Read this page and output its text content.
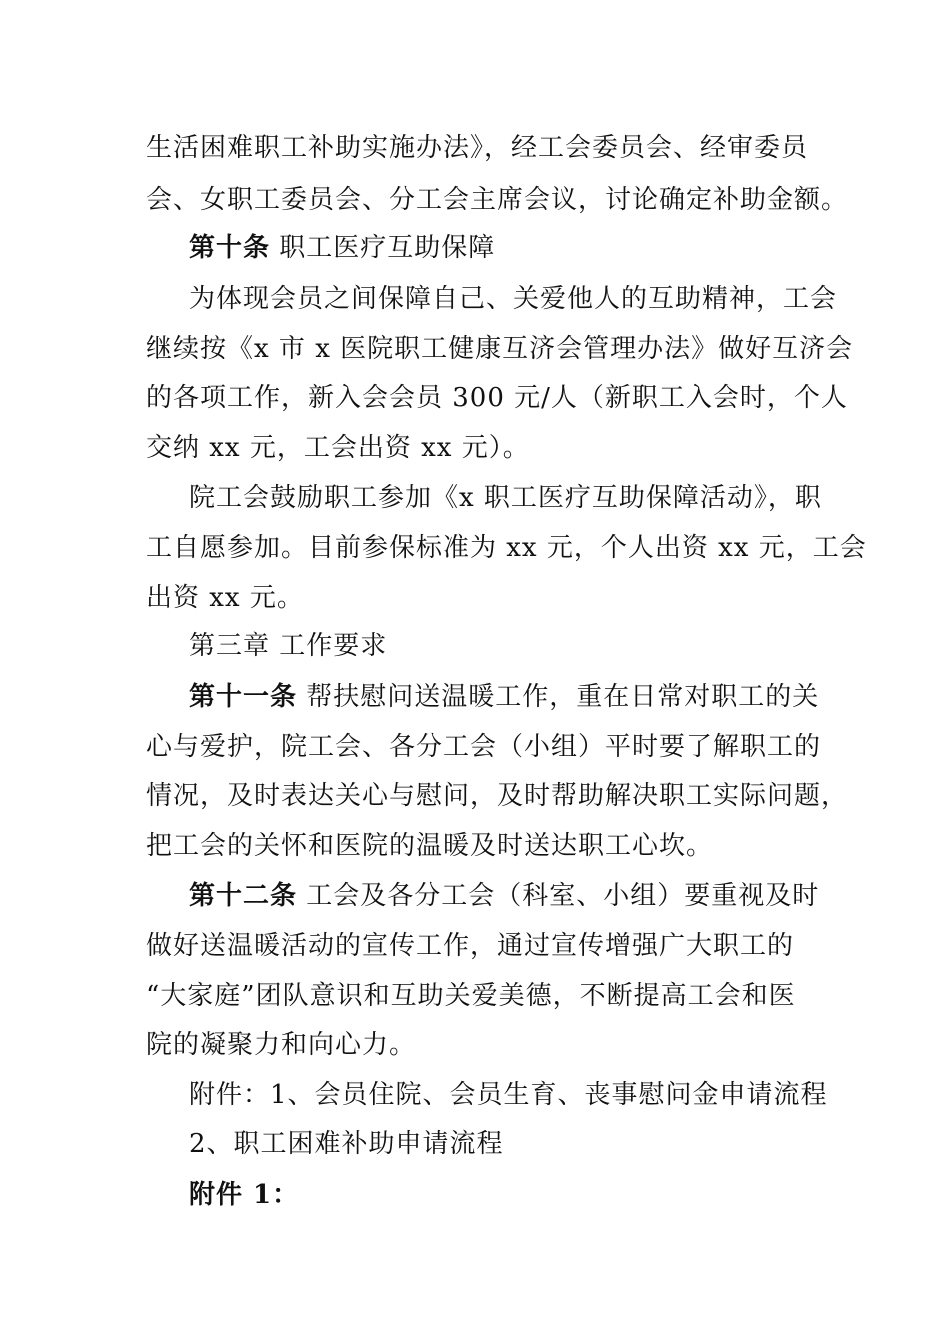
生活困难职工补助实施办法》，经工会委员会、经审委员
会、女职工委员会、分工会主席会议，讨论确定补助金额。
第十条 职工医疗互助保障
为体现会员之间保障自己、关爱他人的互助精神，工会
继续按《x 市 x 医院职工健康互济会管理办法》做好互济会
的各项工作，新入会会员 300 元/人（新职工入会时，个人
交纳 xx 元，工会出资 xx 元）。
院工会鼓励职工参加《x 职工医疗互助保障活动》，职
工自愿参加。目前参保标准为 xx 元，个人出资 xx 元，工会
出资 xx 元。
第三章 工作要求
第十一条 帮扶慰问送温暖工作，重在日常对职工的关
心与爱护，院工会、各分工会（小组）平时要了解职工的
情况，及时表达关心与慰问，及时帮助解决职工实际问题，
把工会的关怀和医院的温暖及时送达职工心坎。
第十二条 工会及各分工会（科室、小组）要重视及时
做好送温暖活动的宣传工作，通过宣传增强广大职工的
“大家庭”团队意识和互助关爱美德，不断提高工会和医
院的凝聚力和向心力。
附件：1、会员住院、会员生育、丧事慰问金申请流程
2、职工困难补助申请流程
附件 1：
